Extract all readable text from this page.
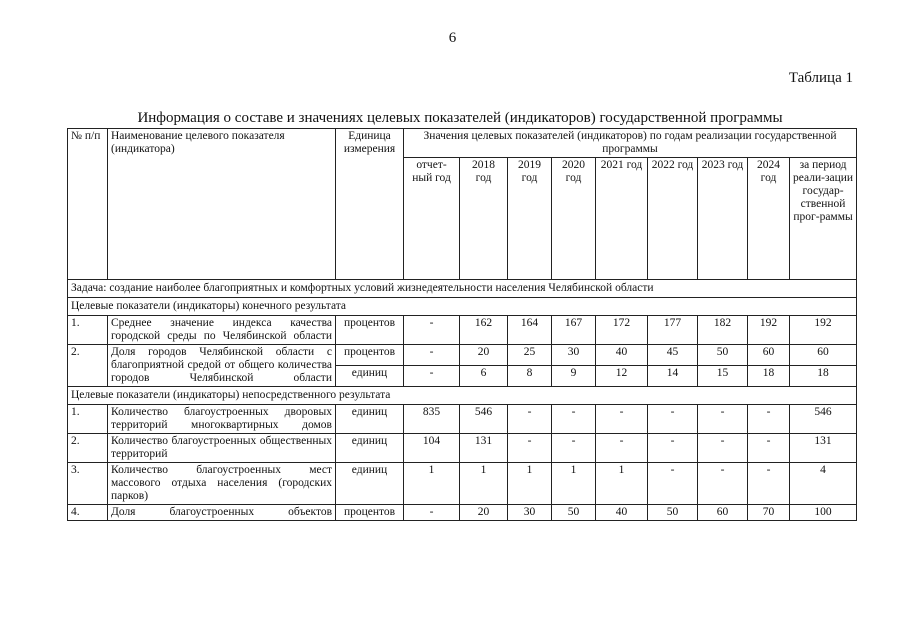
6
Таблица 1
Информация о составе и значениях целевых показателей (индикаторов) государственной программы
№ п/п	Наименование целевого показателя (индикатора)	Единица измерения	Значения целевых показателей (индикаторов) по годам реализации государственной программы								
			отчет-ный год	2018 год	2019 год	2020 год	2021 год	2022 год	2023 год	2024 год	за период реали-зации государ-ственной прог-раммы
Задача: создание наиболее благоприятных и комфортных условий жизнедеятельности населения Челябинской области											
Целевые показатели (индикаторы) конечного результата											
1.	Среднее значение индекса качества городской среды по Челябинской области	процентов	-	162	164	167	172	177	182	192	192
2.	Доля городов Челябинской области с благоприятной средой от общего количества городов Челябинской области	процентов	-	20	25	30	40	45	50	60	60
		единиц	-	6	8	9	12	14	15	18	18
Целевые показатели (индикаторы) непосредственного результата											
1.	Количество благоустроенных дворовых территорий многоквартирных домов	единиц	835	546	-	-	-	-	-	-	546
2.	Количество благоустроенных общественных территорий	единиц	104	131	-	-	-	-	-	-	131
3.	Количество благоустроенных мест массового отдыха населения (городских парков)	единиц	1	1	1	1	1	-	-	-	4
4.	Доля благоустроенных объектов	процентов	-	20	30	50	40	50	60	70	100
